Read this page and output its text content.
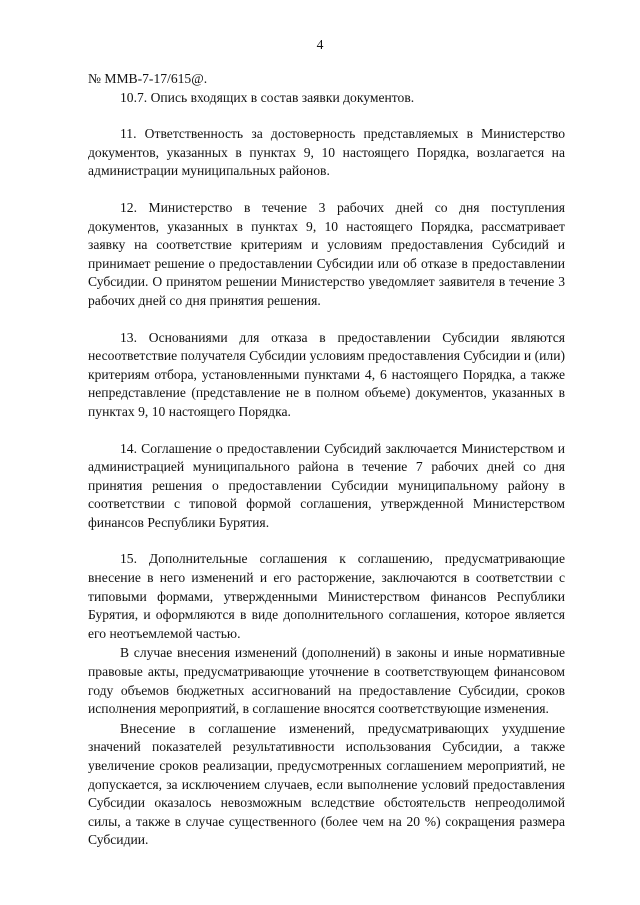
4

№ ММВ-7-17/615@.

10.7. Опись входящих в состав заявки документов.

11. Ответственность за достоверность представляемых в Министерство документов, указанных в пунктах 9, 10 настоящего Порядка, возлагается на администрации муниципальных районов.

12. Министерство в течение 3 рабочих дней со дня поступления документов, указанных в пунктах 9, 10 настоящего Порядка, рассматривает заявку на соответствие критериям и условиям предоставления Субсидий и принимает решение о предоставлении Субсидии или об отказе в предоставлении Субсидии. О принятом решении Министерство уведомляет заявителя в течение 3 рабочих дней со дня принятия решения.

13. Основаниями для отказа в предоставлении Субсидии являются несоответствие получателя Субсидии условиям предоставления Субсидии и (или) критериям отбора, установленными пунктами 4, 6 настоящего Порядка, а также непредставление (представление не в полном объеме) документов, указанных в пунктах 9, 10 настоящего Порядка.

14. Соглашение о предоставлении Субсидий заключается Министерством и администрацией муниципального района в течение 7 рабочих дней со дня принятия решения о предоставлении Субсидии муниципальному району в соответствии с типовой формой соглашения, утвержденной Министерством финансов Республики Бурятия.

15. Дополнительные соглашения к соглашению, предусматривающие внесение в него изменений и его расторжение, заключаются в соответствии с типовыми формами, утвержденными Министерством финансов Республики Бурятия, и оформляются в виде дополнительного соглашения, которое является его неотъемлемой частью.

В случае внесения изменений (дополнений) в законы и иные нормативные правовые акты, предусматривающие уточнение в соответствующем финансовом году объемов бюджетных ассигнований на предоставление Субсидии, сроков исполнения мероприятий, в соглашение вносятся соответствующие изменения.

Внесение в соглашение изменений, предусматривающих ухудшение значений показателей результативности использования Субсидии, а также увеличение сроков реализации, предусмотренных соглашением мероприятий, не допускается, за исключением случаев, если выполнение условий предоставления Субсидии оказалось невозможным вследствие обстоятельств непреодолимой силы, а также в случае существенного (более чем на 20 %) сокращения размера Субсидии.
